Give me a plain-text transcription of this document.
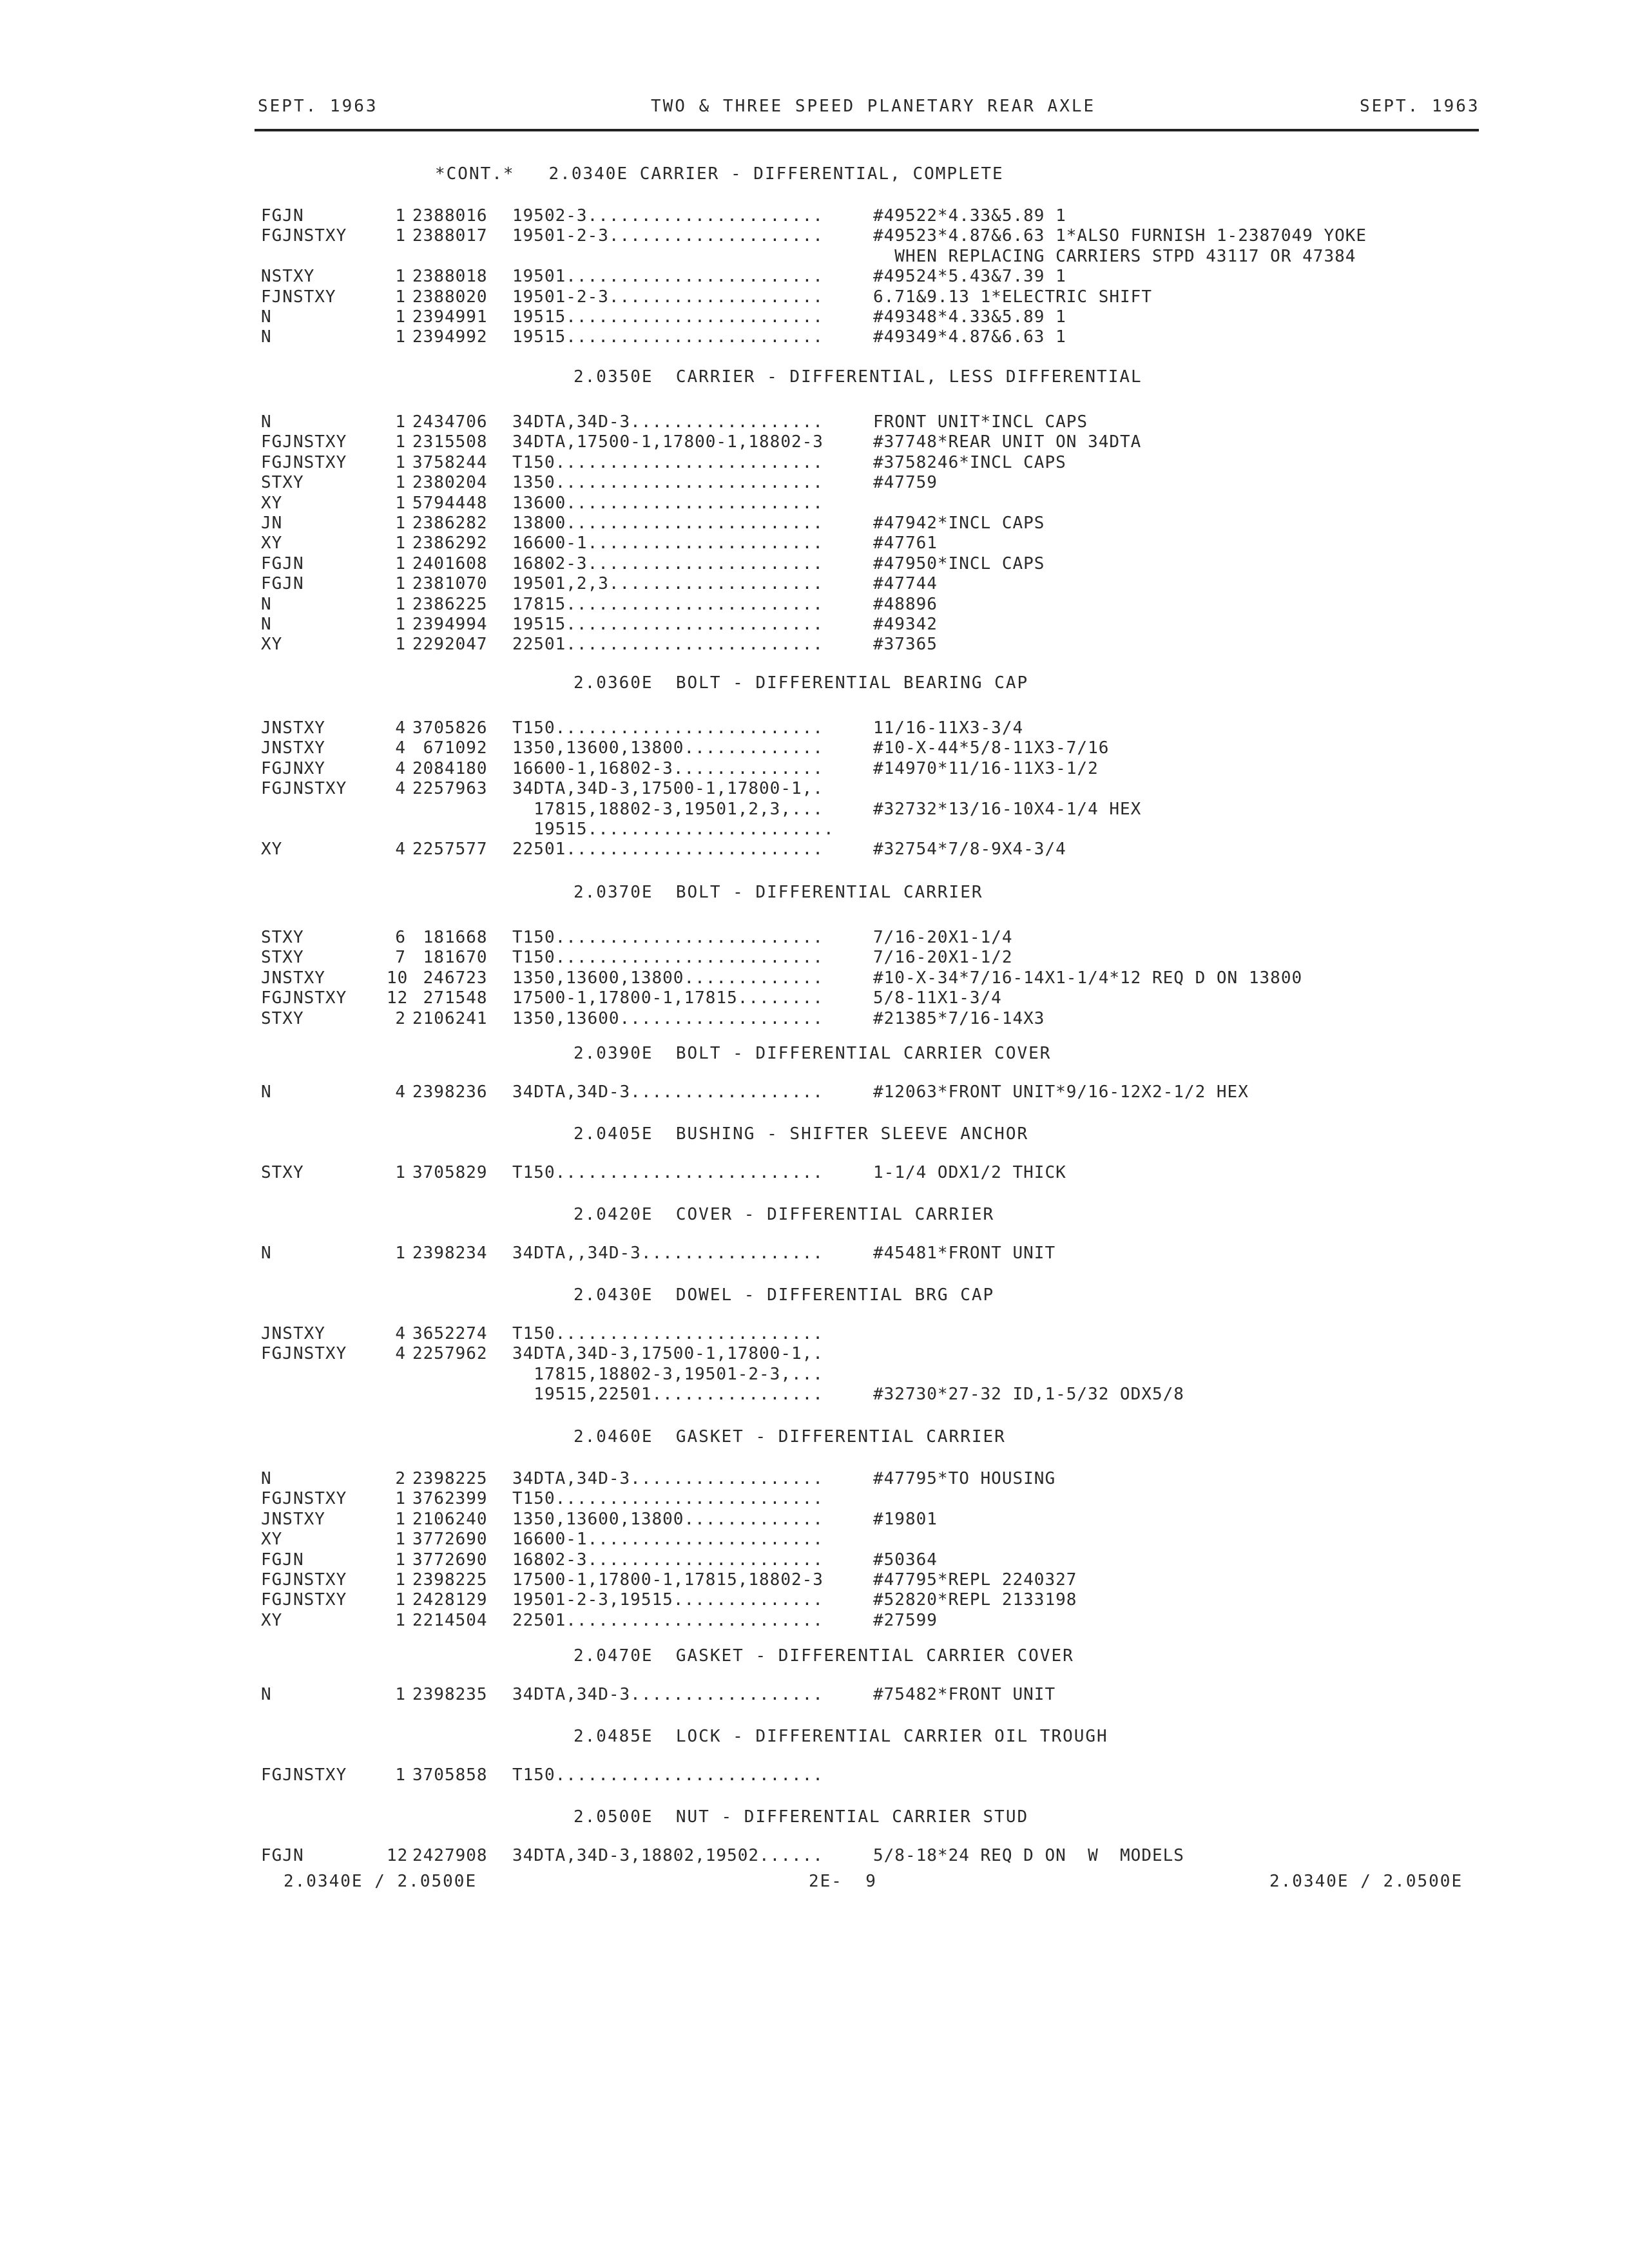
SEPT. 1963	TWO & THREE SPEED PLANETARY REAR AXLE	SEPT. 1963
*CONT.*   2.0340E CARRIER - DIFFERENTIAL, COMPLETE
FGJN	1 2388016 19502-3......................	#49522*4.33&5.89 1
FGJNSTXY	1 2388017 19501-2-3....................	#49523*4.87&6.63 1*ALSO FURNISH 1-2387049 YOKE
WHEN REPLACING CARRIERS STPD 43117 OR 47384
NSTXY	1 2388018 19501........................	#49524*5.43&7.39 1
FJNSTXY	1 2388020 19501-2-3....................	6.71&9.13 1*ELECTRIC SHIFT
N	1 2394991 19515........................	#49348*4.33&5.89 1
N	1 2394992 19515........................	#49349*4.87&6.63 1
2.0350E  CARRIER - DIFFERENTIAL, LESS DIFFERENTIAL
N	1 2434706 34DTA,34D-3..................	FRONT UNIT*INCL CAPS
FGJNSTXY	1 2315508 34DTA,17500-1,17800-1,18802-3	#37748*REAR UNIT ON 34DTA
FGJNSTXY	1 3758244 T150.........................	#3758246*INCL CAPS
STXY	1 2380204 1350.........................	#47759
XY	1 5794448 13600........................
JN	1 2386282 13800........................	#47942*INCL CAPS
XY	1 2386292 16600-1......................	#47761
FGJN	1 2401608 16802-3......................	#47950*INCL CAPS
FGJN	1 2381070 19501,2,3....................	#47744
N	1 2386225 17815........................	#48896
N	1 2394994 19515........................	#49342
XY	1 2292047 22501........................	#37365
2.0360E  BOLT - DIFFERENTIAL BEARING CAP
JNSTXY	4 3705826 T150.........................	11/16-11X3-3/4
JNSTXY	4 671092 1350,13600,13800.............	#10-X-44*5/8-11X3-7/16
FGJNXY	4 2084180 16600-1,16802-3..............	#14970*11/16-11X3-1/2
FGJNSTXY	4 2257963 34DTA,34D-3,17500-1,17800-1,.
17815,18802-3,19501,2,3,...	#32732*13/16-10X4-1/4 HEX
19515.......................
XY	4 2257577 22501........................	#32754*7/8-9X4-3/4
2.0370E  BOLT - DIFFERENTIAL CARRIER
STXY	6 181668 T150.........................	7/16-20X1-1/4
STXY	7 181670 T150.........................	7/16-20X1-1/2
JNSTXY	10 246723 1350,13600,13800.............	#10-X-34*7/16-14X1-1/4*12 REQ D ON 13800
FGJNSTXY 12 271548 17500-1,17800-1,17815........	5/8-11X1-3/4
STXY	2 2106241 1350,13600...................	#21385*7/16-14X3
2.0390E  BOLT - DIFFERENTIAL CARRIER COVER
N	4 2398236 34DTA,34D-3..................	#12063*FRONT UNIT*9/16-12X2-1/2 HEX
2.0405E  BUSHING - SHIFTER SLEEVE ANCHOR
STXY	1 3705829 T150.........................	1-1/4 ODX1/2 THICK
2.0420E  COVER - DIFFERENTIAL CARRIER
N	1 2398234 34DTA,,34D-3.................	#45481*FRONT UNIT
2.0430E  DOWEL - DIFFERENTIAL BRG CAP
JNSTXY	4 3652274 T150.........................
FGJNSTXY	4 2257962 34DTA,34D-3,17500-1,17800-1,.
17815,18802-3,19501-2-3,...
19515,22501................	#32730*27-32 ID,1-5/32 ODX5/8
2.0460E  GASKET - DIFFERENTIAL CARRIER
N	2 2398225 34DTA,34D-3..................	#47795*TO HOUSING
FGJNSTXY	1 3762399 T150.........................
JNSTXY	1 2106240 1350,13600,13800.............	#19801
XY	1 3772690 16600-1......................
FGJN	1 3772690 16802-3......................	#50364
FGJNSTXY	1 2398225 17500-1,17800-1,17815,18802-3	#47795*REPL 2240327
FGJNSTXY	1 2428129 19501-2-3,19515..............	#52820*REPL 2133198
XY	1 2214504 22501........................	#27599
2.0470E  GASKET - DIFFERENTIAL CARRIER COVER
N	1 2398235 34DTA,34D-3..................	#75482*FRONT UNIT
2.0485E  LOCK - DIFFERENTIAL CARRIER OIL TROUGH
FGJNSTXY	1 3705858 T150.........................
2.0500E  NUT - DIFFERENTIAL CARRIER STUD
FGJN	12 2427908 34DTA,34D-3,18802,19502......	5/8-18*24 REQ D ON  W  MODELS
2.0340E / 2.0500E	2E-  9	2.0340E / 2.0500E
